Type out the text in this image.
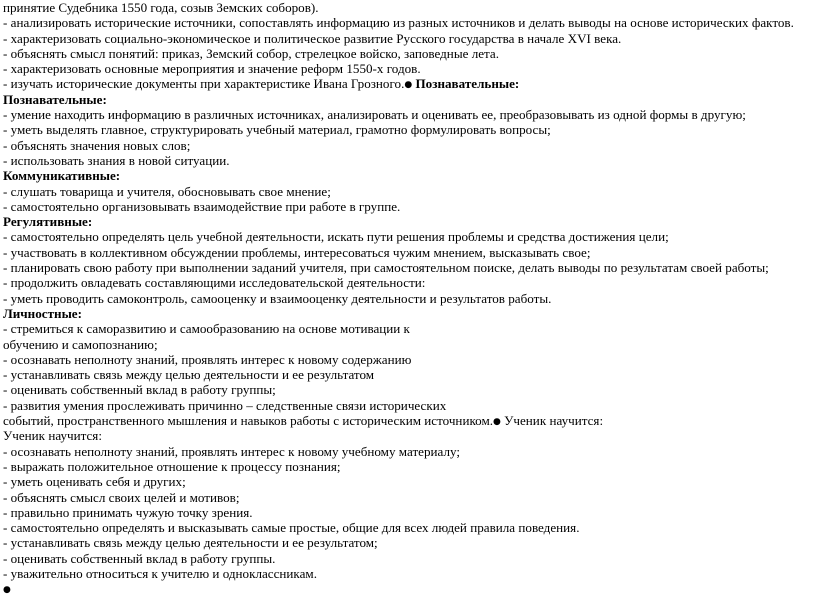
принятие Судебника 1550 года, созыв Земских соборов).
- анализировать исторические источники, сопоставлять информацию из разных источников и делать выводы на основе исторических фактов.
- характеризовать социально-экономическое и политическое развитие Русского государства в начале XVI века.
- объяснять смысл понятий: приказ, Земский собор, стрелецкое войско, заповедные лета.
- характеризовать основные мероприятия и значение реформ 1550-х годов.
- изучать исторические документы при характеристике Ивана Грозного.● Познавательные:
Познавательные:
- умение находить информацию в различных источниках, анализировать и оценивать ее, преобразовывать из одной формы в другую;
- уметь выделять главное, структурировать учебный материал, грамотно формулировать вопросы;
- объяснять значения новых слов;
- использовать знания в новой ситуации.
Коммуникативные:
- слушать товарища и учителя, обосновывать свое мнение;
- самостоятельно организовывать взаимодействие при работе в группе.
Регулятивные:
- самостоятельно определять цель учебной деятельности, искать пути решения проблемы и средства достижения цели;
- участвовать в коллективном обсуждении проблемы, интересоваться чужим мнением, высказывать свое;
- планировать свою работу при выполнении заданий учителя, при самостоятельном поиске, делать выводы по результатам своей работы;
- продолжить овладевать составляющими исследовательской деятельности:
- уметь проводить самоконтроль, самооценку и взаимооценку деятельности и результатов работы.
Личностные:
- стремиться к саморазвитию и самообразованию на основе мотивации к
обучению и самопознанию;
- осознавать неполноту знаний, проявлять интерес к новому содержанию
- устанавливать связь между целью деятельности и ее результатом
- оценивать собственный вклад в работу группы;
- развития умения прослеживать причинно – следственные связи исторических
событий, пространственного мышления и навыков работы с историческим источником.● Ученик научится:
Ученик научится:
- осознавать неполноту знаний, проявлять интерес к новому учебному материалу;
- выражать положительное отношение к процессу познания;
- уметь оценивать себя и других;
- объяснять смысл своих целей и мотивов;
- правильно принимать чужую точку зрения.
- самостоятельно определять и высказывать самые простые, общие для всех людей правила поведения.
- устанавливать связь между целью деятельности и ее результатом;
- оценивать собственный вклад в работу группы.
- уважительно относиться к учителю и одноклассникам.
●
